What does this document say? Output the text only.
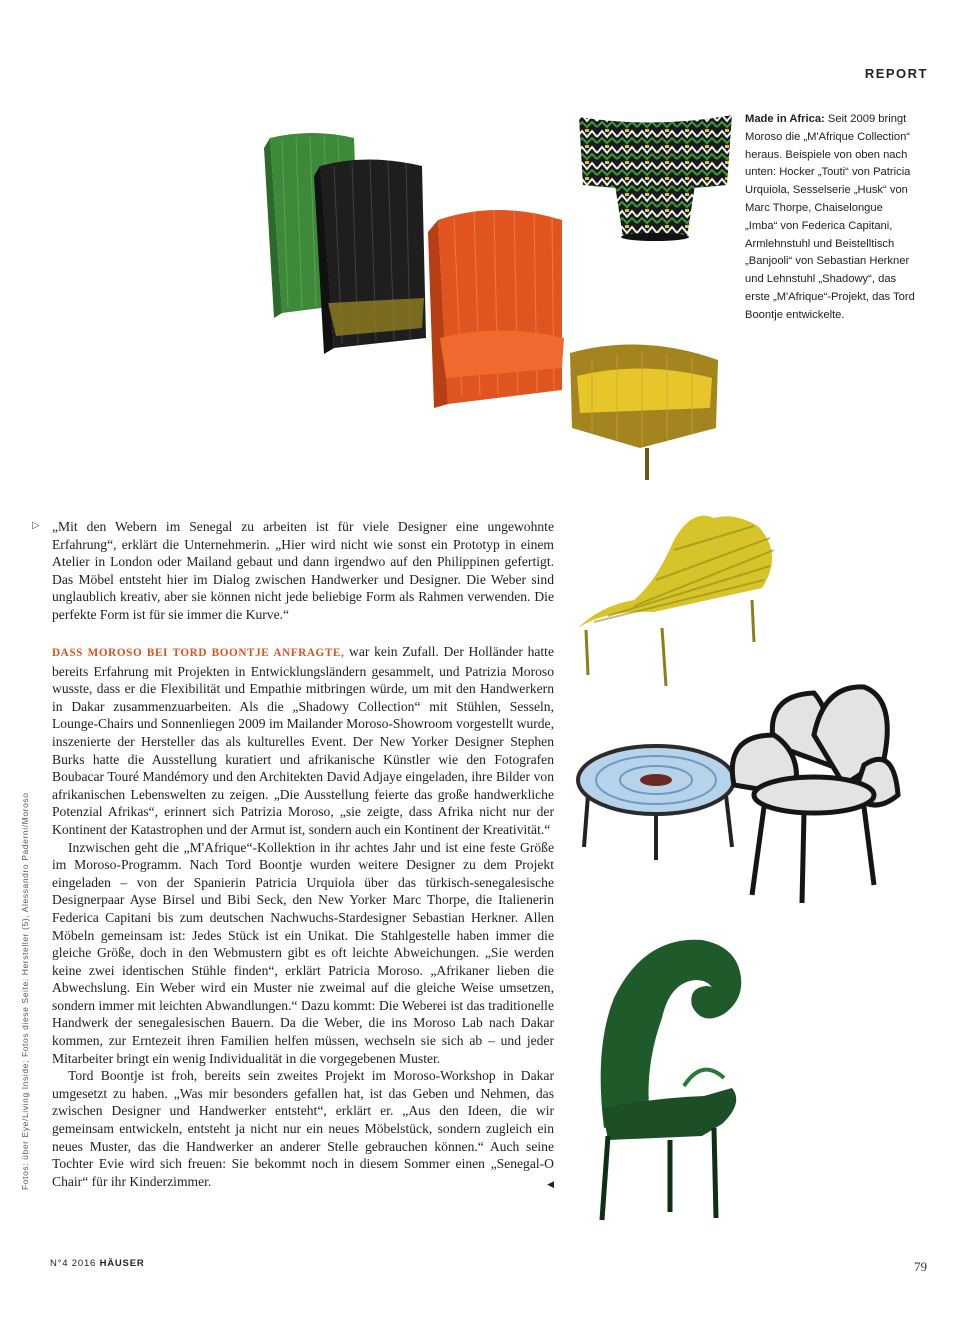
REPORT
Made in Africa: Seit 2009 bringt Moroso die „M'Afrique Collection“ heraus. Beispiele von oben nach unten: Hocker „Touti“ von Patricia Urquiola, Sesselserie „Husk“ von Marc Thorpe, Chaiselongue „Imba“ von Federica Capitani, Armlehnstuhl und Beistelltisch „Banjooli“ von Sebastian Herkner und Lehnstuhl „Shadowy“, das erste „M'Afrique“-Projekt, das Tord Boontje entwickelte.
▷ „Mit den Webern im Senegal zu arbeiten ist für viele Designer eine ungewohnte Erfahrung“, erklärt die Unternehmerin. „Hier wird nicht wie sonst ein Prototyp in einem Atelier in London oder Mailand gebaut und dann irgendwo auf den Philippinen gefertigt. Das Möbel entsteht hier im Dialog zwischen Handwerker und Designer. Die Weber sind unglaublich kreativ, aber sie können nicht jede beliebige Form als Rahmen verwenden. Die perfekte Form ist für sie immer die Kurve.“

DASS MOROSO BEI TORD BOONTJE ANFRAGTE, war kein Zufall. Der Holländer hatte bereits Erfahrung mit Projekten in Entwicklungsländern gesammelt, und Patrizia Moroso wusste, dass er die Flexibilität und Empathie mitbringen würde, um mit den Handwerkern in Dakar zusammenzuarbeiten. Als die „Shadowy Collection“ mit Stühlen, Sesseln, Lounge-Chairs und Sonnenliegen 2009 im Mailander Moroso-Showroom vorgestellt wurde, inszenierte der Hersteller das als kulturelles Event. Der New Yorker Designer Stephen Burks hatte die Ausstellung kuratiert und afrikanische Künstler wie den Fotografen Boubacar Touré Mandémory und den Architekten David Adjaye eingeladen, ihre Bilder von afrikanischen Lebenswelten zu zeigen. „Die Ausstellung feierte das große handwerkliche Potenzial Afrikas“, erinnert sich Patrizia Moroso, „sie zeigte, dass Afrika nicht nur der Kontinent der Katastrophen und der Armut ist, sondern auch ein Kontinent der Kreativität.“
Inzwischen geht die „M'Afrique“-Kollektion in ihr achtes Jahr und ist eine feste Größe im Moroso-Programm. Nach Tord Boontje wurden weitere Designer zu dem Projekt eingeladen – von der Spanierin Patricia Urquiola über das türkisch-senegalesische Designerpaar Ayse Birsel und Bibi Seck, den New Yorker Marc Thorpe, die Italienerin Federica Capitani bis zum deutschen Nachwuchs-Stardesigner Sebastian Herkner. Allen Möbeln gemeinsam ist: Jedes Stück ist ein Unikat. Die Stahlgestelle haben immer die gleiche Größe, doch in den Webmustern gibt es oft leichte Abweichungen. „Sie werden keine zwei identischen Stühle finden“, erklärt Patricia Moroso. „Afrikaner lieben die Abwechslung. Ein Weber wird ein Muster nie zweimal auf die gleiche Weise umsetzen, sondern immer mit leichten Abwandlungen.“ Dazu kommt: Die Weberei ist das traditionelle Handwerk der senegalesischen Bauern. Da die Weber, die ins Moroso Lab nach Dakar kommen, zur Erntezeit ihren Familien helfen müssen, wechseln sie sich ab – und jeder Mitarbeiter bringt ein wenig Individualität in die vorgegebenen Muster.
Tord Boontje ist froh, bereits sein zweites Projekt im Moroso-Workshop in Dakar umgesetzt zu haben. „Was mir besonders gefallen hat, ist das Geben und Nehmen, das zwischen Designer und Handwerker entsteht“, erklärt er. „Aus den Ideen, die wir gemeinsam entwickeln, entsteht ja nicht nur ein neues Möbelstück, sondern zugleich ein neues Muster, das die Handwerker an anderer Stelle gebrauchen können.“ Auch seine Tochter Evie wird sich freuen: Sie bekommt noch in diesem Sommer einen „Senegal-O Chair“ für ihr Kinderzimmer.	◀
Fotos: über Eye/Living Inside; Fotos diese Seite: Hersteller (5), Alessandro Paderni/Moroso
N°4 2016 HÄUSER	79
